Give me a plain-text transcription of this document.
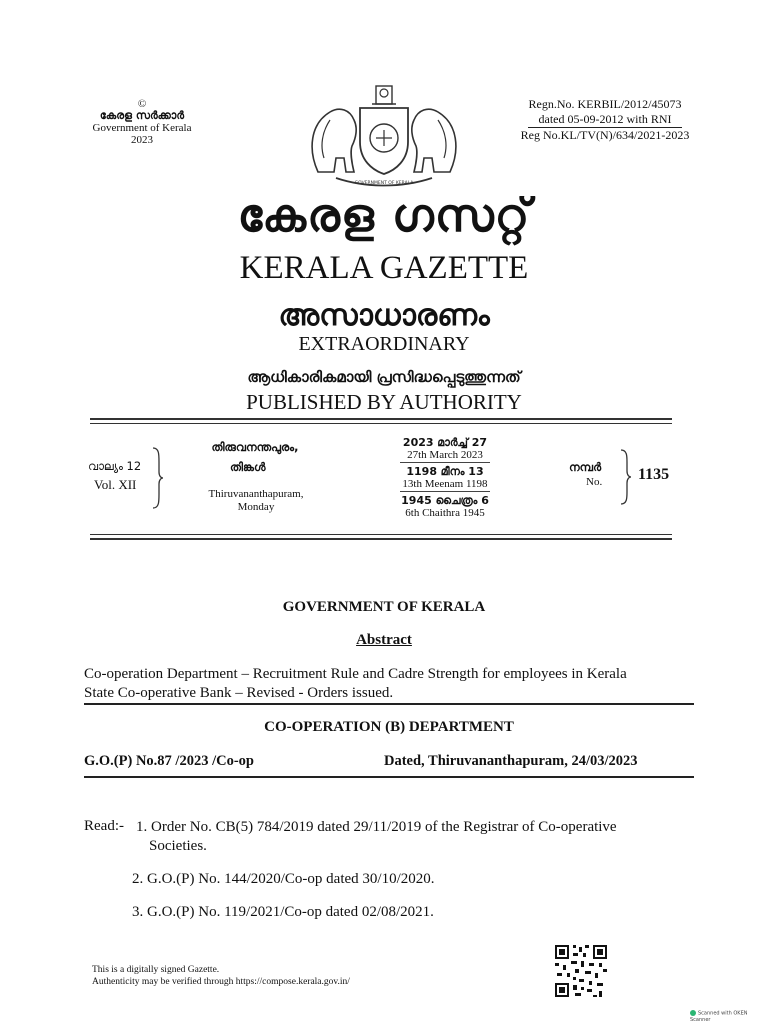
©
കേരള സർക്കാർ
Government of Kerala
2023
GOVERNMENT OF KERALA
Regn.No. KERBIL/2012/45073
dated 05-09-2012 with RNI
Reg No.KL/TV(N)/634/2021-2023
കേരള ഗസറ്റ്
KERALA GAZETTE
അസാധാരണം
EXTRAORDINARY
ആധികാരികമായി പ്രസിദ്ധപ്പെടുത്തുന്നത്
PUBLISHED BY AUTHORITY
വാല്യം 12
Vol. XII
തിരുവനന്തപുരം,
തിങ്കൾ
Thiruvananthapuram,
Monday
2023 മാർച്ച് 27
27th March 2023
1198 മീനം 13
13th Meenam 1198
1945 ചൈത്രം 6
6th Chaithra 1945
നമ്പർ
No. 1135
GOVERNMENT OF KERALA
Abstract
Co-operation Department – Recruitment Rule and Cadre Strength for employees in Kerala
State Co-operative Bank – Revised - Orders issued.
CO-OPERATION (B) DEPARTMENT
G.O.(P) No.87 /2023 /Co-op	Dated, Thiruvananthapuram, 24/03/2023
Read:- 1. Order No. CB(5) 784/2019 dated 29/11/2019 of the Registrar of Co-operative
Societies.
2. G.O.(P) No. 144/2020/Co-op dated 30/10/2020.
3. G.O.(P) No. 119/2021/Co-op dated 02/08/2021.
This is a digitally signed Gazette.
Authenticity may be verified through https://compose.kerala.gov.in/
Scanned with OKEN Scanner
